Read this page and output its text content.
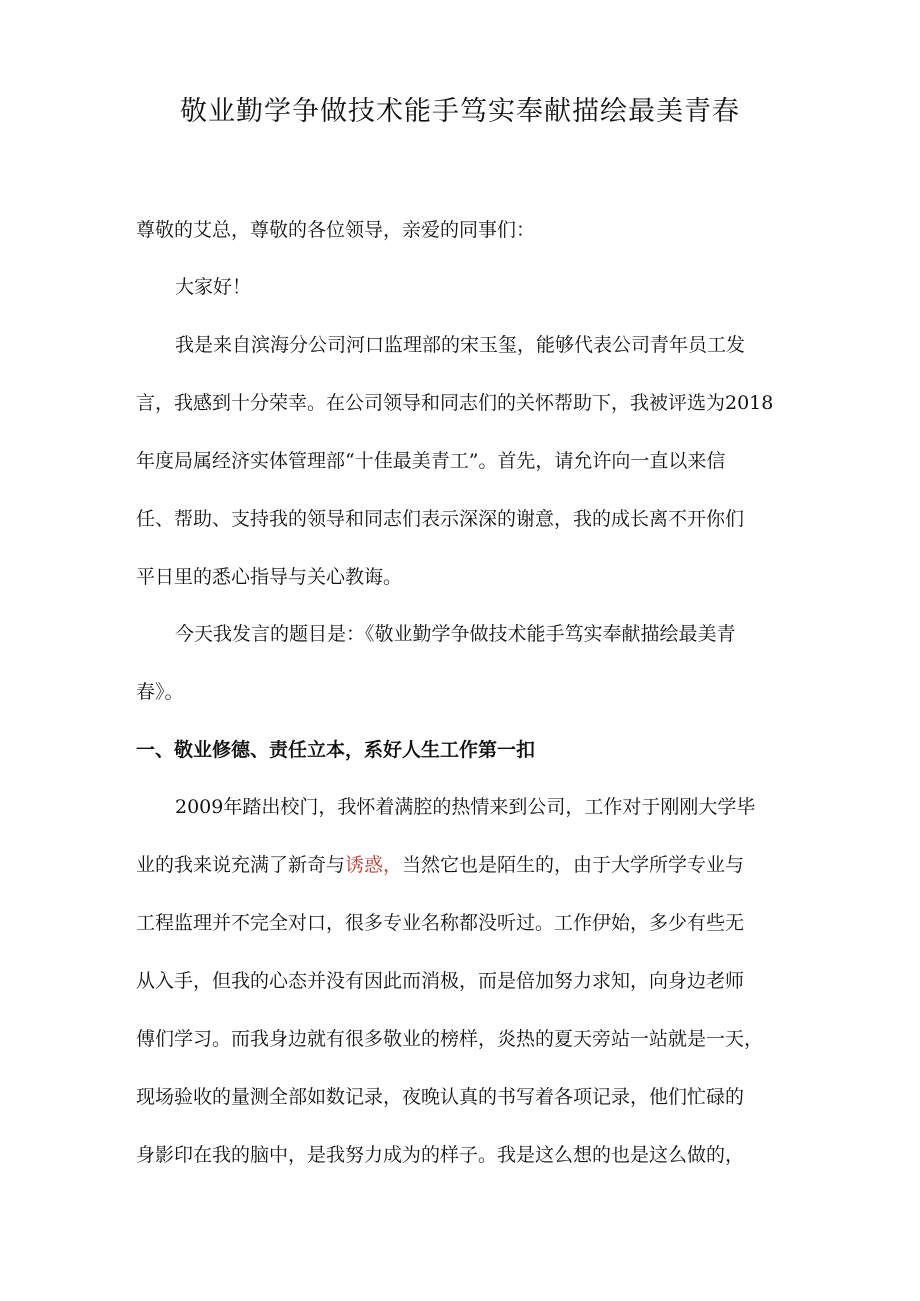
敬业勤学争做技术能手笃实奉献描绘最美青春

尊敬的艾总，尊敬的各位领导，亲爱的同事们：

大家好！

我是来自滨海分公司河口监理部的宋玉玺，能够代表公司青年员工发

言，我感到十分荣幸。在公司领导和同志们的关怀帮助下，我被评选为2018

年度局属经济实体管理部“十佳最美青工”。首先，请允许向一直以来信

任、帮助、支持我的领导和同志们表示深深的谢意，我的成长离不开你们

平日里的悉心指导与关心教诲。

今天我发言的题目是：《敬业勤学争做技术能手笃实奉献描绘最美青

春》。

一、敬业修德、责任立本，系好人生工作第一扣

2009年踏出校门，我怀着满腔的热情来到公司，工作对于刚刚大学毕

业的我来说充满了新奇与诱惑，当然它也是陌生的，由于大学所学专业与

工程监理并不完全对口，很多专业名称都没听过。工作伊始，多少有些无

从入手，但我的心态并没有因此而消极，而是倍加努力求知，向身边老师

傅们学习。而我身边就有很多敬业的榜样，炎热的夏天旁站一站就是一天，

现场验收的量测全部如数记录，夜晚认真的书写着各项记录，他们忙碌的

身影印在我的脑中，是我努力成为的样子。我是这么想的也是这么做的，
